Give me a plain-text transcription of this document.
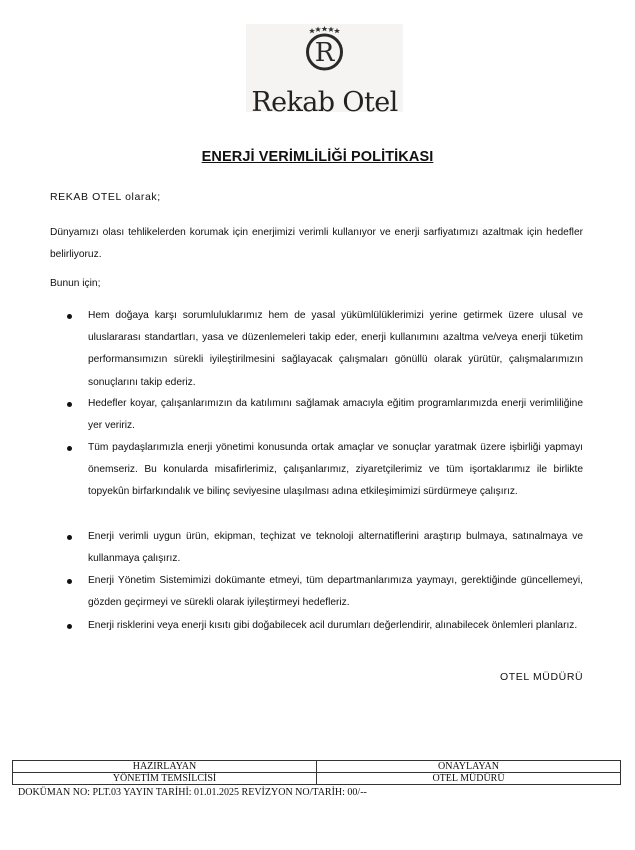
R
Rekab Otel
ENERJİ VERİMLİLİĞİ POLİTİKASI
REKAB OTEL olarak;
Dünyamızı olası tehlikelerden korumak için enerjimizi verimli kullanıyor ve enerji sarfiyatımızı azaltmak için hedefler belirliyoruz.
Bunun için;
Hem doğaya karşı sorumluluklarımız hem de yasal yükümlülüklerimizi yerine getirmek üzere ulusal ve uluslararası standartları, yasa ve düzenlemeleri takip eder, enerji kullanımını azaltma ve/veya enerji tüketim performansımızın sürekli iyileştirilmesini sağlayacak çalışmaları gönüllü olarak yürütür, çalışmalarımızın sonuçlarını takip ederiz.
Hedefler koyar, çalışanlarımızın da katılımını sağlamak amacıyla eğitim programlarımızda enerji verimliliğine yer veririz.
Tüm paydaşlarımızla enerji yönetimi konusunda ortak amaçlar ve sonuçlar yaratmak üzere işbirliği yapmayı önemseriz. Bu konularda misafirlerimiz, çalışanlarımız, ziyaretçilerimiz ve tüm işortaklarımız ile birlikte topyekûn birfarkındalık ve bilinç seviyesine ulaşılması adına etkileşimimizi sürdürmeye çalışırız.
Enerji verimli uygun ürün, ekipman, teçhizat ve teknoloji alternatiflerini araştırıp bulmaya, satınalmaya ve kullanmaya çalışırız.
Enerji Yönetim Sistemimizi dokümante etmeyi, tüm departmanlarımıza yaymayı, gerektiğinde güncellemeyi, gözden geçirmeyi ve sürekli olarak iyileştirmeyi hedefleriz.
Enerji risklerini veya enerji kısıtı gibi doğabilecek acil durumları değerlendirir, alınabilecek önlemleri planlarız.
OTEL MÜDÜRÜ
HAZIRLAYAN	ONAYLAYAN
YÖNETİM TEMSİLCİSİ	OTEL MÜDÜRÜ
DOKÜMAN NO: PLT.03 YAYIN TARİHİ: 01.01.2025 REVİZYON NO/TARİH: 00/--
